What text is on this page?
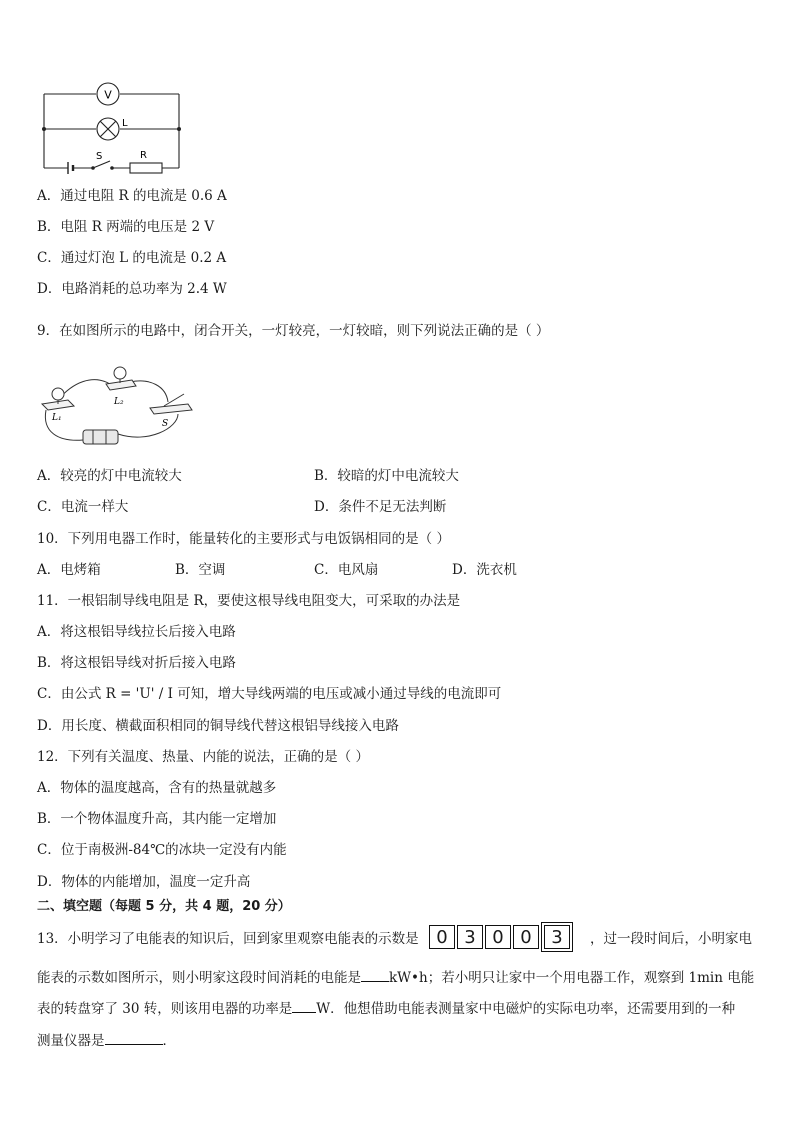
V
L
S	R
A．通过电阻 R 的电流是 0.6 A
B．电阻 R 两端的电压是 2 V
C．通过灯泡 L 的电流是 0.2 A
D．电路消耗的总功率为 2.4 W
9．在如图所示的电路中，闭合开关，一灯较亮，一灯较暗，则下列说法正确的是（ ）
L₁
L₂
S
A．较亮的灯中电流较大	B．较暗的灯中电流较大
C．电流一样大	D．条件不足无法判断
10．下列用电器工作时，能量转化的主要形式与电饭锅相同的是（ ）
A．电烤箱	B．空调	C．电风扇	D．洗衣机
11．一根铝制导线电阻是 R，要使这根导线电阻变大，可采取的办法是
A．将这根铝导线拉长后接入电路
B．将这根铝导线对折后接入电路
C．由公式 R = 'U' / I 可知，增大导线两端的电压或减小通过导线的电流即可
D．用长度、横截面积相同的铜导线代替这根铝导线接入电路
12．下列有关温度、热量、内能的说法，正确的是（ ）
A．物体的温度越高，含有的热量就越多
B．一个物体温度升高，其内能一定增加
C．位于南极洲-84℃的冰块一定没有内能
D．物体的内能增加，温度一定升高
二、填空题（每题 5 分，共 4 题，20 分）
13．小明学习了电能表的知识后，回到家里观察电能表的示数是 0 3 0 0	3	，过一段时间后，小明家电
能表的示数如图所示，则小明家这段时间消耗的电能是 kW•h；若小明只让家中一个用电器工作，观察到 1min 电能
表的转盘穿了 30 转，则该用电器的功率是 W．他想借助电能表测量家中电磁炉的实际电功率，还需要用到的一种
测量仪器是	．
